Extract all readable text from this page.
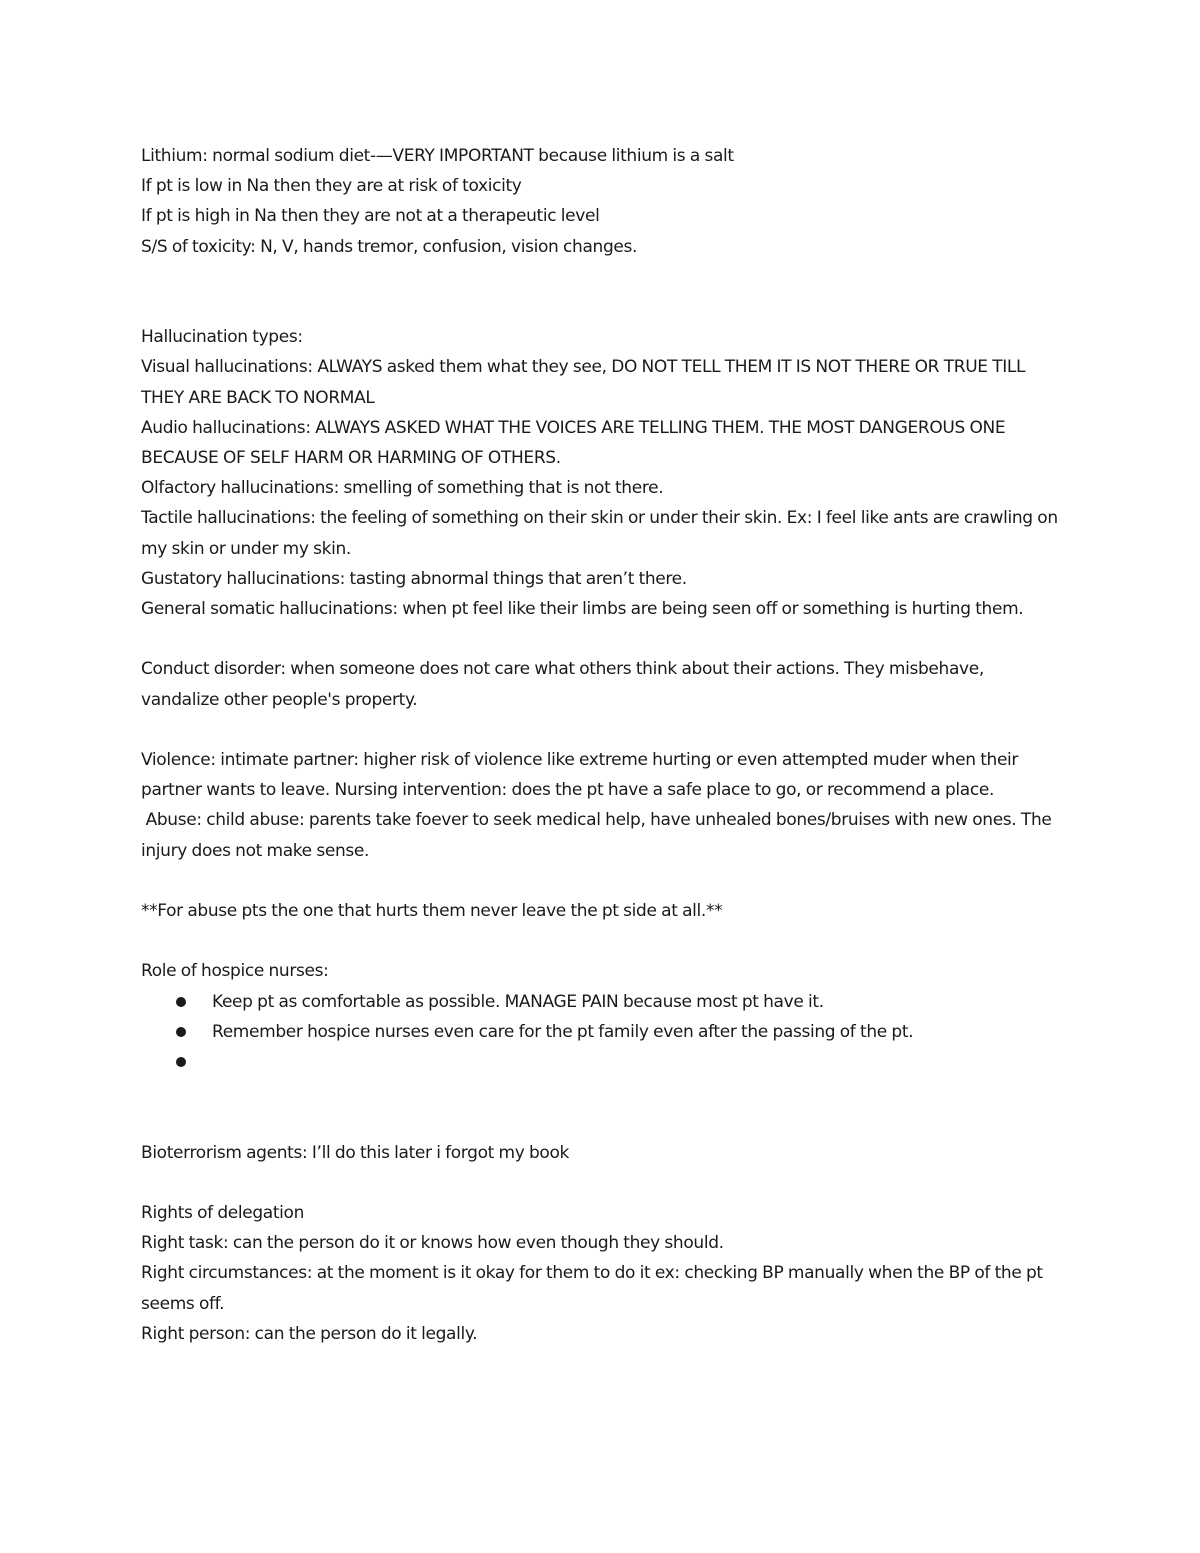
Lithium: normal sodium diet-—VERY IMPORTANT because lithium is a salt

If pt is low in Na then they are at risk of toxicity

If pt is high in Na then they are not at a therapeutic level

S/S of toxicity: N, V, hands tremor, confusion, vision changes.

Hallucination types:

Visual hallucinations: ALWAYS asked them what they see, DO NOT TELL THEM IT IS NOT THERE OR TRUE TILL THEY ARE BACK TO NORMAL

Audio hallucinations: ALWAYS ASKED WHAT THE VOICES ARE TELLING THEM. THE MOST DANGEROUS ONE BECAUSE OF SELF HARM OR HARMING OF OTHERS.

Olfactory hallucinations: smelling of something that is not there.

Tactile hallucinations: the feeling of something on their skin or under their skin. Ex: I feel like ants are crawling on my skin or under my skin.

Gustatory hallucinations: tasting abnormal things that aren’t there.

General somatic hallucinations: when pt feel like their limbs are being seen off or something is hurting them.

Conduct disorder: when someone does not care what others think about their actions. They misbehave, vandalize other people's property.

Violence: intimate partner: higher risk of violence like extreme hurting or even attempted muder when their partner wants to leave. Nursing intervention: does the pt have a safe place to go, or recommend a place.

Abuse: child abuse: parents take foever to seek medical help, have unhealed bones/bruises with new ones. The injury does not make sense.

**For abuse pts the one that hurts them never leave the pt side at all.**

Role of hospice nurses:

Keep pt as comfortable as possible. MANAGE PAIN because most pt have it.
Remember hospice nurses even care for the pt family even after the passing of the pt.

Bioterrorism agents: I’ll do this later i forgot my book

Rights of delegation

Right task: can the person do it or knows how even though they should.

Right circumstances: at the moment is it okay for them to do it ex: checking BP manually when the BP of the pt seems off.

Right person: can the person do it legally.
